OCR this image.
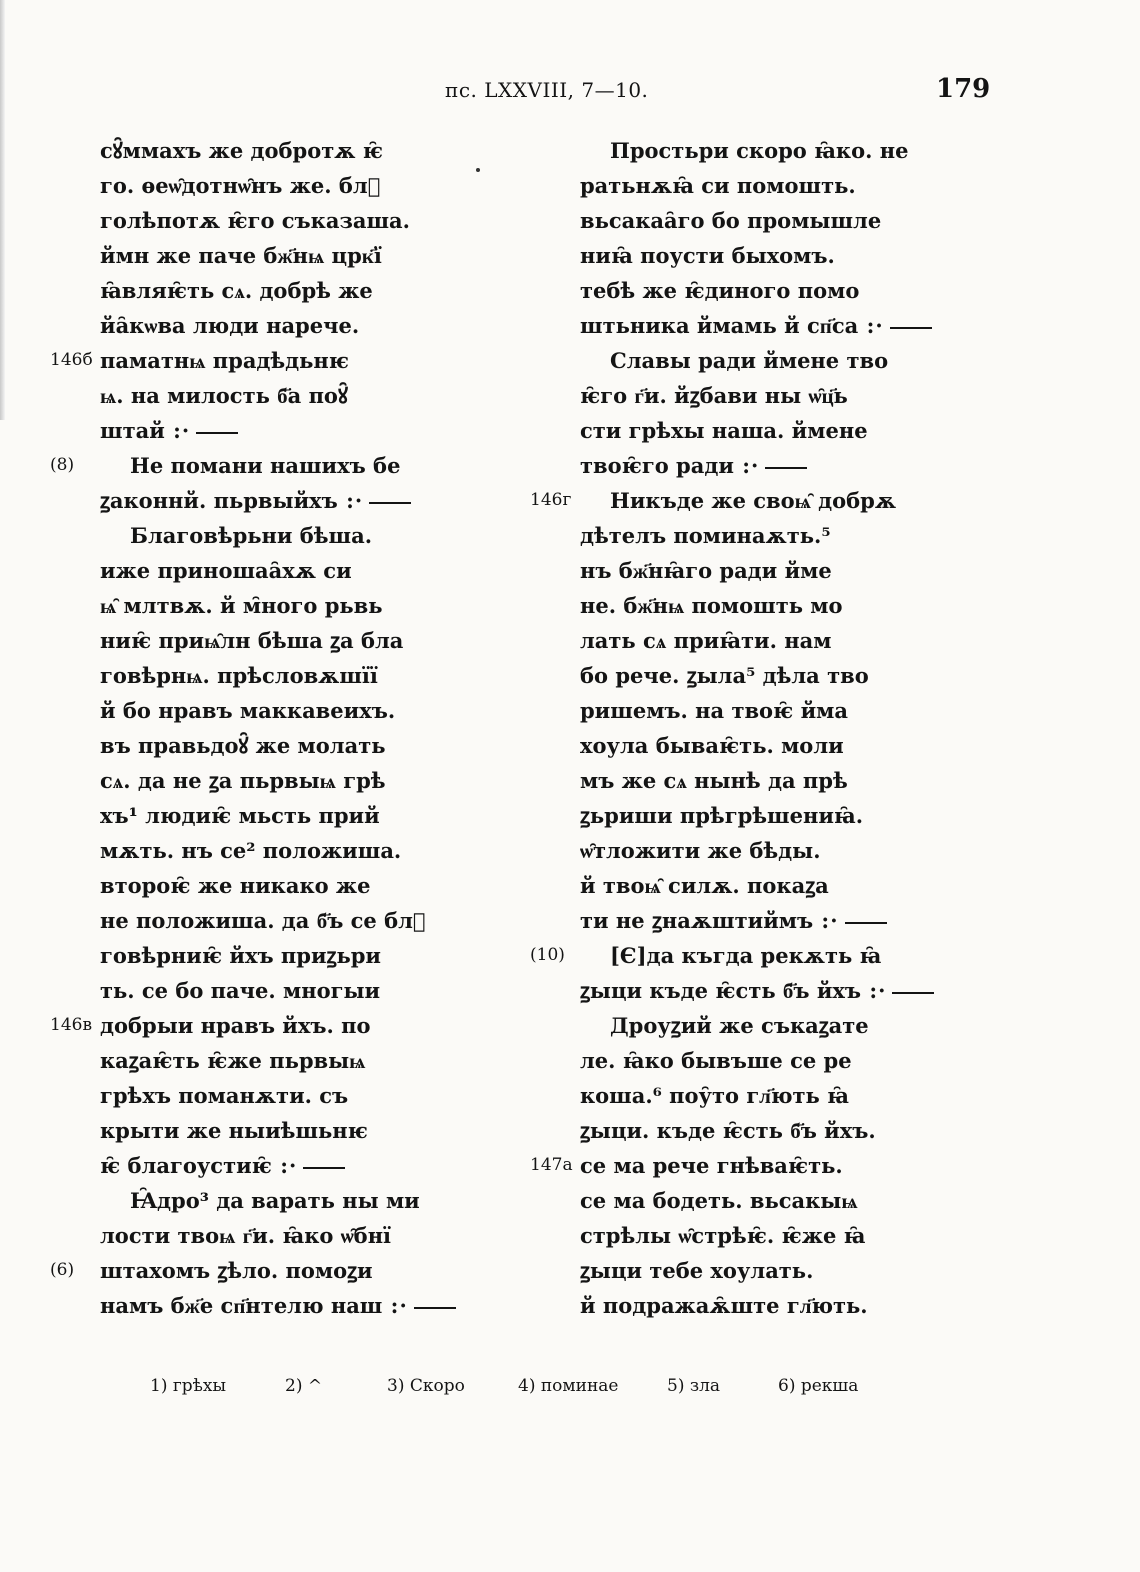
пс. LXXVIII, 7—10.	179
сꙋ̑ммахъ же добротѫ ѥ̑
го. ѳеѡ̑дотнѡ̑нъ же. блⷣ
голѣпотѫ ѥ̑го съказаша.
ймн же паче бж҃нѩ црк҃ї
ꙗ̑вляѥ̑ть сѧ. добрѣ же
йа̑кѡва люди нарече.
146б паматнѩ прадѣдьнѥ
ѩ. на милость б҃а поꙋ̑
штай :·
(8)	Не помани нашихъ бе
ꙁаконнй. пьрвыйхъ :·
Благовѣрьни бѣша.
иже приношаа̑хѫ си
ѩ̑ млтвѫ. й м̑ного рьвь
ниѥ̑ приѩ̑лн бѣша ꙁа бла
говѣрнѩ. прѣсловѫшїї
й бо нравъ маккавеихъ.
въ правьдоꙋ̑ же молать
сѧ. да не ꙁа пьрвыѩ грѣ
хъ¹ людиѥ̑ мьсть прий
мѫть. нъ се² положиша.
второѥ̑ же никако же
не положиша. да б҃ъ се блⷣ
говѣрниѥ̑ йхъ приꙁьри
ть. се бо паче. многыи
146в добрыи нравъ йхъ. по
каꙁаѥ̑ть ѥ̑же пьрвыѩ
грѣхъ поманѫти. съ
крыти же ныиѣшьнѥ
ѥ̑ благоустиѥ̑ :·
Ꙗ̑дро³ да варать ны ми
лости твоѩ г҃и. ꙗ̑ко ѡ̑бнї
(6) штахомъ ꙁѣло. помоꙁи
намъ бж҃е сп҃нтелю наш :·
Простьри скоро ꙗ̑ко. не
ратьнѫꙗ̑ си помошть.
вьсакаа̑го бо промышле
ниꙗ̑ поусти быхомъ.
тебѣ же ѥ̑диного помо
штьника ймамь й сп҃са :·
Славы ради ймене тво
ѥ̑го г҃и. йꙁбави ны ѡ̑ц҃ь
сти грѣхы наша. ймене
твоѥ̑го ради :·
146г Никъде же своѩ̑ добрѫ
дѣтелъ поминаѫть.⁵
нъ бж҃нꙗ̑го ради йме
не. бж҃нѩ помошть мо
лать сѧ приꙗ̑ти. нам
бо рече. ꙁыла⁵ дѣла тво
ришемъ. на твоѥ̑ йма
хоула бываѥ̑ть. моли
мъ же сѧ нынѣ да прѣ
ꙁьриши прѣгрѣшениꙗ̑.
ѡ̑тложити же бѣды.
й твоѩ̑ силѫ. покаꙁа
ти не ꙁнаѫштиймъ :·
(10) [Є]да къгда рекѫть ꙗ̑
ꙁыци къде ѥ̑сть б҃ъ йхъ :·
Дроуꙁий же съкаꙁате
ле. ꙗ̑ко бывъше се ре
коша.⁶ поу̑то гл҃ють ꙗ̑
ꙁыци. къде ѥ̑сть б҃ъ йхъ.
147а се ма рече гнѣваѥ̑ть.
се ма бодеть. вьсакыѩ
стрѣлы ѡ̑стрѣѥ̑. ѥ̑же ꙗ̑
ꙁыци тебе хоулать.
й подражаѫ̑ште гл҃ють.
1) грѣхы	2) ^	3) Скоро	4) поминае	5) зла	6) рекша
